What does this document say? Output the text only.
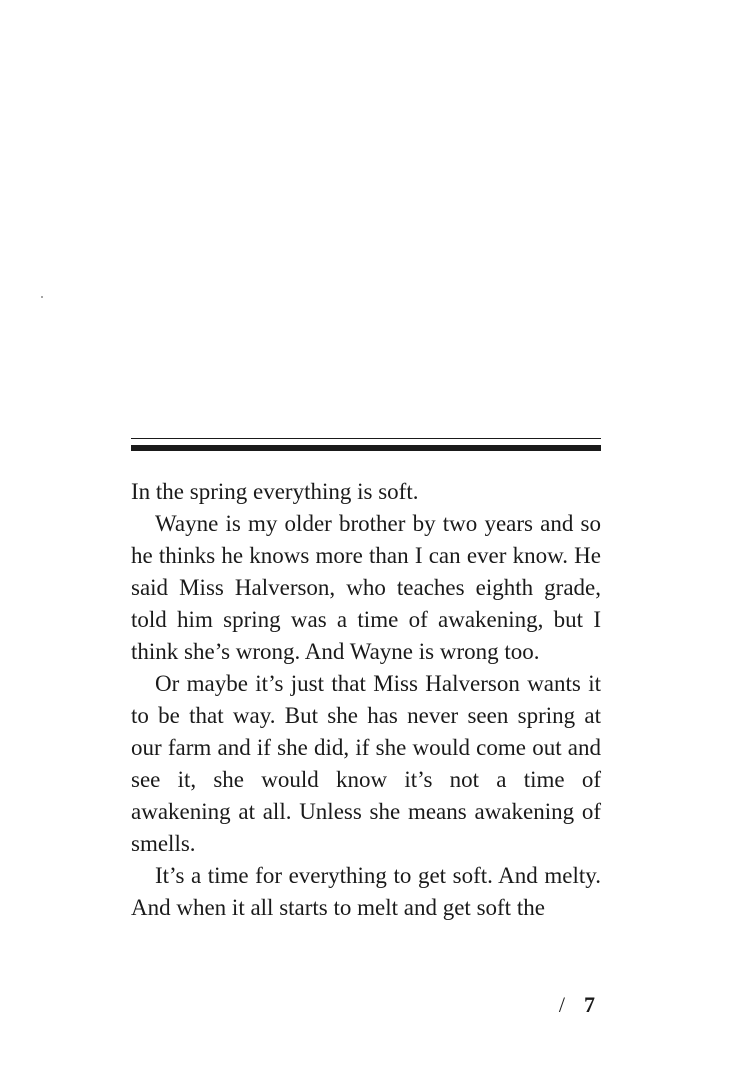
In the spring everything is soft.

Wayne is my older brother by two years and so he thinks he knows more than I can ever know. He said Miss Halverson, who teaches eighth grade, told him spring was a time of awakening, but I think she’s wrong. And Wayne is wrong too.

Or maybe it’s just that Miss Halverson wants it to be that way. But she has never seen spring at our farm and if she did, if she would come out and see it, she would know it’s not a time of awakening at all. Unless she means awakening of smells.

It’s a time for everything to get soft. And melty. And when it all starts to melt and get soft the

/ 7
